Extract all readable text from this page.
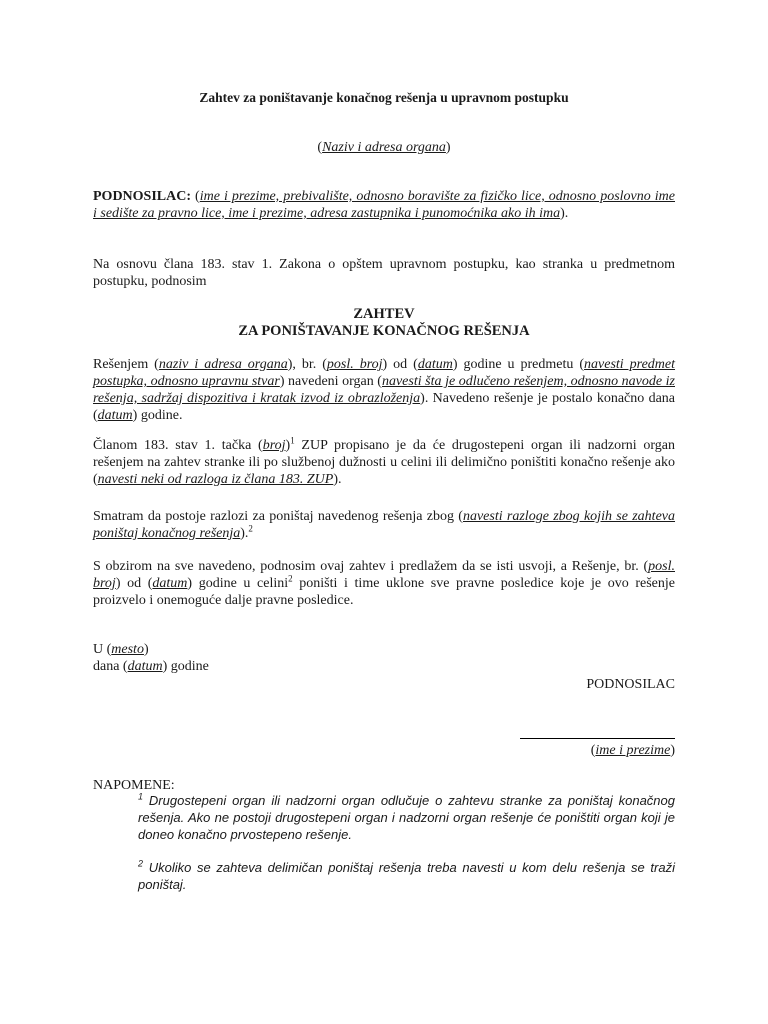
Zahtev za poništavanje konačnog rešenja u upravnom postupku
(Naziv i adresa organa)
PODNOSILAC: (ime i prezime, prebivalište, odnosno boravište za fizičko lice, odnosno poslovno ime i sedište za pravno lice, ime i prezime, adresa zastupnika i punomoćnika ako ih ima).
Na osnovu člana 183. stav 1. Zakona o opštem upravnom postupku, kao stranka u predmetnom postupku, podnosim
ZAHTEV
ZA PONIŠTAVANJE KONAČNOG REŠENJA
Rešenjem (naziv i adresa organa), br. (posl. broj) od (datum) godine u predmetu (navesti predmet postupka, odnosno upravnu stvar) navedeni organ (navesti šta je odlučeno rešenjem, odnosno navode iz rešenja, sadržaj dispozitiva i kratak izvod iz obrazloženja). Navedeno rešenje je postalo konačno dana (datum) godine.
Članom 183. stav 1. tačka (broj)$^1$ ZUP propisano je da će drugostepeni organ ili nadzorni organ rešenjem na zahtev stranke ili po službenoj dužnosti u celini ili delimično poništiti konačno rešenje ako (navesti neki od razloga iz člana 183. ZUP).
Smatram da postoje razlozi za poništaj navedenog rešenja zbog (navesti razloge zbog kojih se zahteva poništaj konačnog rešenja).$^2$
S obzirom na sve navedeno, podnosim ovaj zahtev i predlažem da se isti usvoji, a Rešenje, br. (posl. broj) od (datum) godine u celini$^2$ poništi i time uklone sve pravne posledice koje je ovo rešenje proizvelo i onemoguće dalje pravne posledice.
U (mesto)
dana (datum) godine
PODNOSILAC
(ime i prezime)
NAPOMENE:
$^1$ Drugostepeni organ ili nadzorni organ odlučuje o zahtevu stranke za poništaj konačnog rešenja. Ako ne postoji drugostepeni organ i nadzorni organ rešenje će poništiti organ koji je doneo konačno prvostepeno rešenje.
$^2$ Ukoliko se zahteva delimičan poništaj rešenja treba navesti u kom delu rešenja se traži poništaj.
